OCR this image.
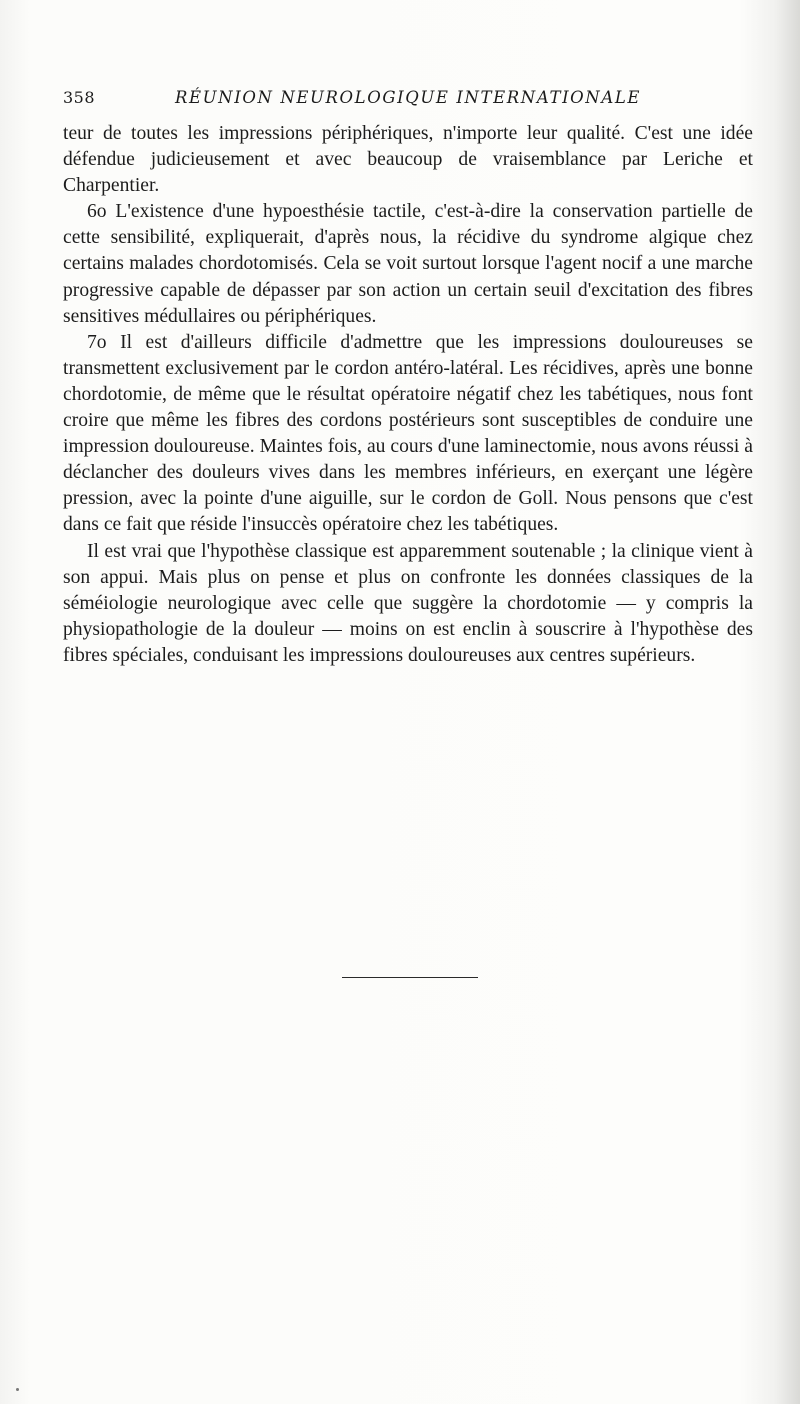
358	RÉUNION NEUROLOGIQUE INTERNATIONALE

teur de toutes les impressions périphériques, n'importe leur qualité. C'est une idée défendue judicieusement et avec beaucoup de vraisemblance par Leriche et Charpentier.

6o L'existence d'une hypoesthésie tactile, c'est-à-dire la conservation partielle de cette sensibilité, expliquerait, d'après nous, la récidive du syndrome algique chez certains malades chordotomisés. Cela se voit surtout lorsque l'agent nocif a une marche progressive capable de dépasser par son action un certain seuil d'excitation des fibres sensitives médullaires ou périphériques.

7o Il est d'ailleurs difficile d'admettre que les impressions douloureuses se transmettent exclusivement par le cordon antéro-latéral. Les récidives, après une bonne chordotomie, de même que le résultat opératoire négatif chez les tabétiques, nous font croire que même les fibres des cordons postérieurs sont susceptibles de conduire une impression douloureuse. Maintes fois, au cours d'une laminectomie, nous avons réussi à déclancher des douleurs vives dans les membres inférieurs, en exerçant une légère pression, avec la pointe d'une aiguille, sur le cordon de Goll. Nous pensons que c'est dans ce fait que réside l'insuccès opératoire chez les tabétiques.

Il est vrai que l'hypothèse classique est apparemment soutenable ; la clinique vient à son appui. Mais plus on pense et plus on confronte les données classiques de la séméiologie neurologique avec celle que suggère la chordotomie — y compris la physiopathologie de la douleur — moins on est enclin à souscrire à l'hypothèse des fibres spéciales, conduisant les impressions douloureuses aux centres supérieurs.
